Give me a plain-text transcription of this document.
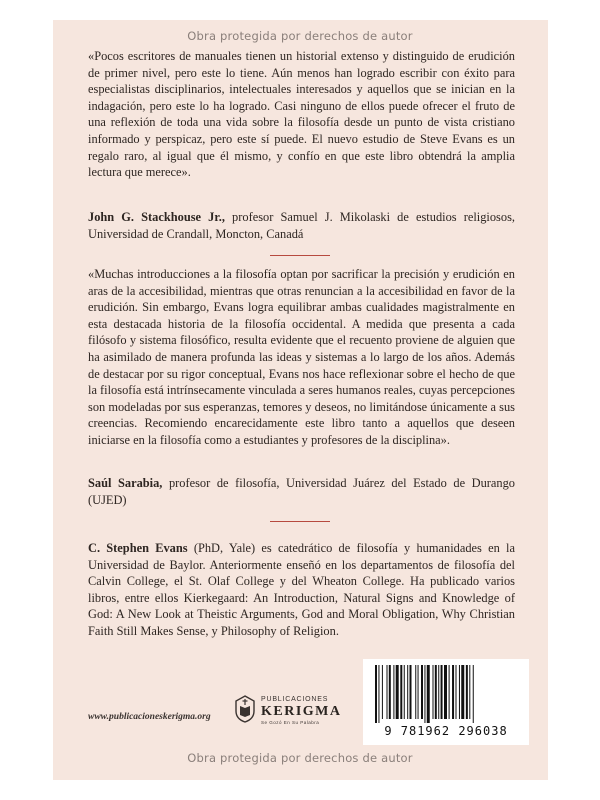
Obra protegida por derechos de autor
«Pocos escritores de manuales tienen un historial extenso y distinguido de erudición de primer nivel, pero este lo tiene. Aún menos han logrado escribir con éxito para especialistas disciplinarios, intelectuales interesados y aquellos que se inician en la indagación, pero este lo ha logrado. Casi ninguno de ellos puede ofrecer el fruto de una reflexión de toda una vida sobre la filosofía desde un punto de vista cristiano informado y perspicaz, pero este sí puede. El nuevo estudio de Steve Evans es un regalo raro, al igual que él mismo, y confío en que este libro obtendrá la amplia lectura que merece».
John G. Stackhouse Jr., profesor Samuel J. Mikolaski de estudios religiosos, Universidad de Crandall, Moncton, Canadá
«Muchas introducciones a la filosofía optan por sacrificar la precisión y erudición en aras de la accesibilidad, mientras que otras renuncian a la accesibilidad en favor de la erudición. Sin embargo, Evans logra equilibrar ambas cualidades magistralmente en esta destacada historia de la filosofía occidental. A medida que presenta a cada filósofo y sistema filosófico, resulta evidente que el recuento proviene de alguien que ha asimilado de manera profunda las ideas y sistemas a lo largo de los años. Además de destacar por su rigor conceptual, Evans nos hace reflexionar sobre el hecho de que la filosofía está intrínsecamente vinculada a seres humanos reales, cuyas percepciones son modeladas por sus esperanzas, temores y deseos, no limitándose únicamente a sus creencias. Recomiendo encarecidamente este libro tanto a aquellos que deseen iniciarse en la filosofía como a estudiantes y profesores de la disciplina».
Saúl Sarabia, profesor de filosofía, Universidad Juárez del Estado de Durango (UJED)
C. Stephen Evans (PhD, Yale) es catedrático de filosofía y humanidades en la Universidad de Baylor. Anteriormente enseñó en los departamentos de filosofía del Calvin College, el St. Olaf College y del Wheaton College. Ha publicado varios libros, entre ellos Kierkegaard: An Introduction, Natural Signs and Knowledge of God: A New Look at Theistic Arguments, God and Moral Obligation, Why Christian Faith Still Makes Sense, y Philosophy of Religion.
www.publicacioneskerigma.org
PUBLICACIONES
KERIGMA
Se Gozó En Su Palabra
9 781962 296038
Obra protegida por derechos de autor
